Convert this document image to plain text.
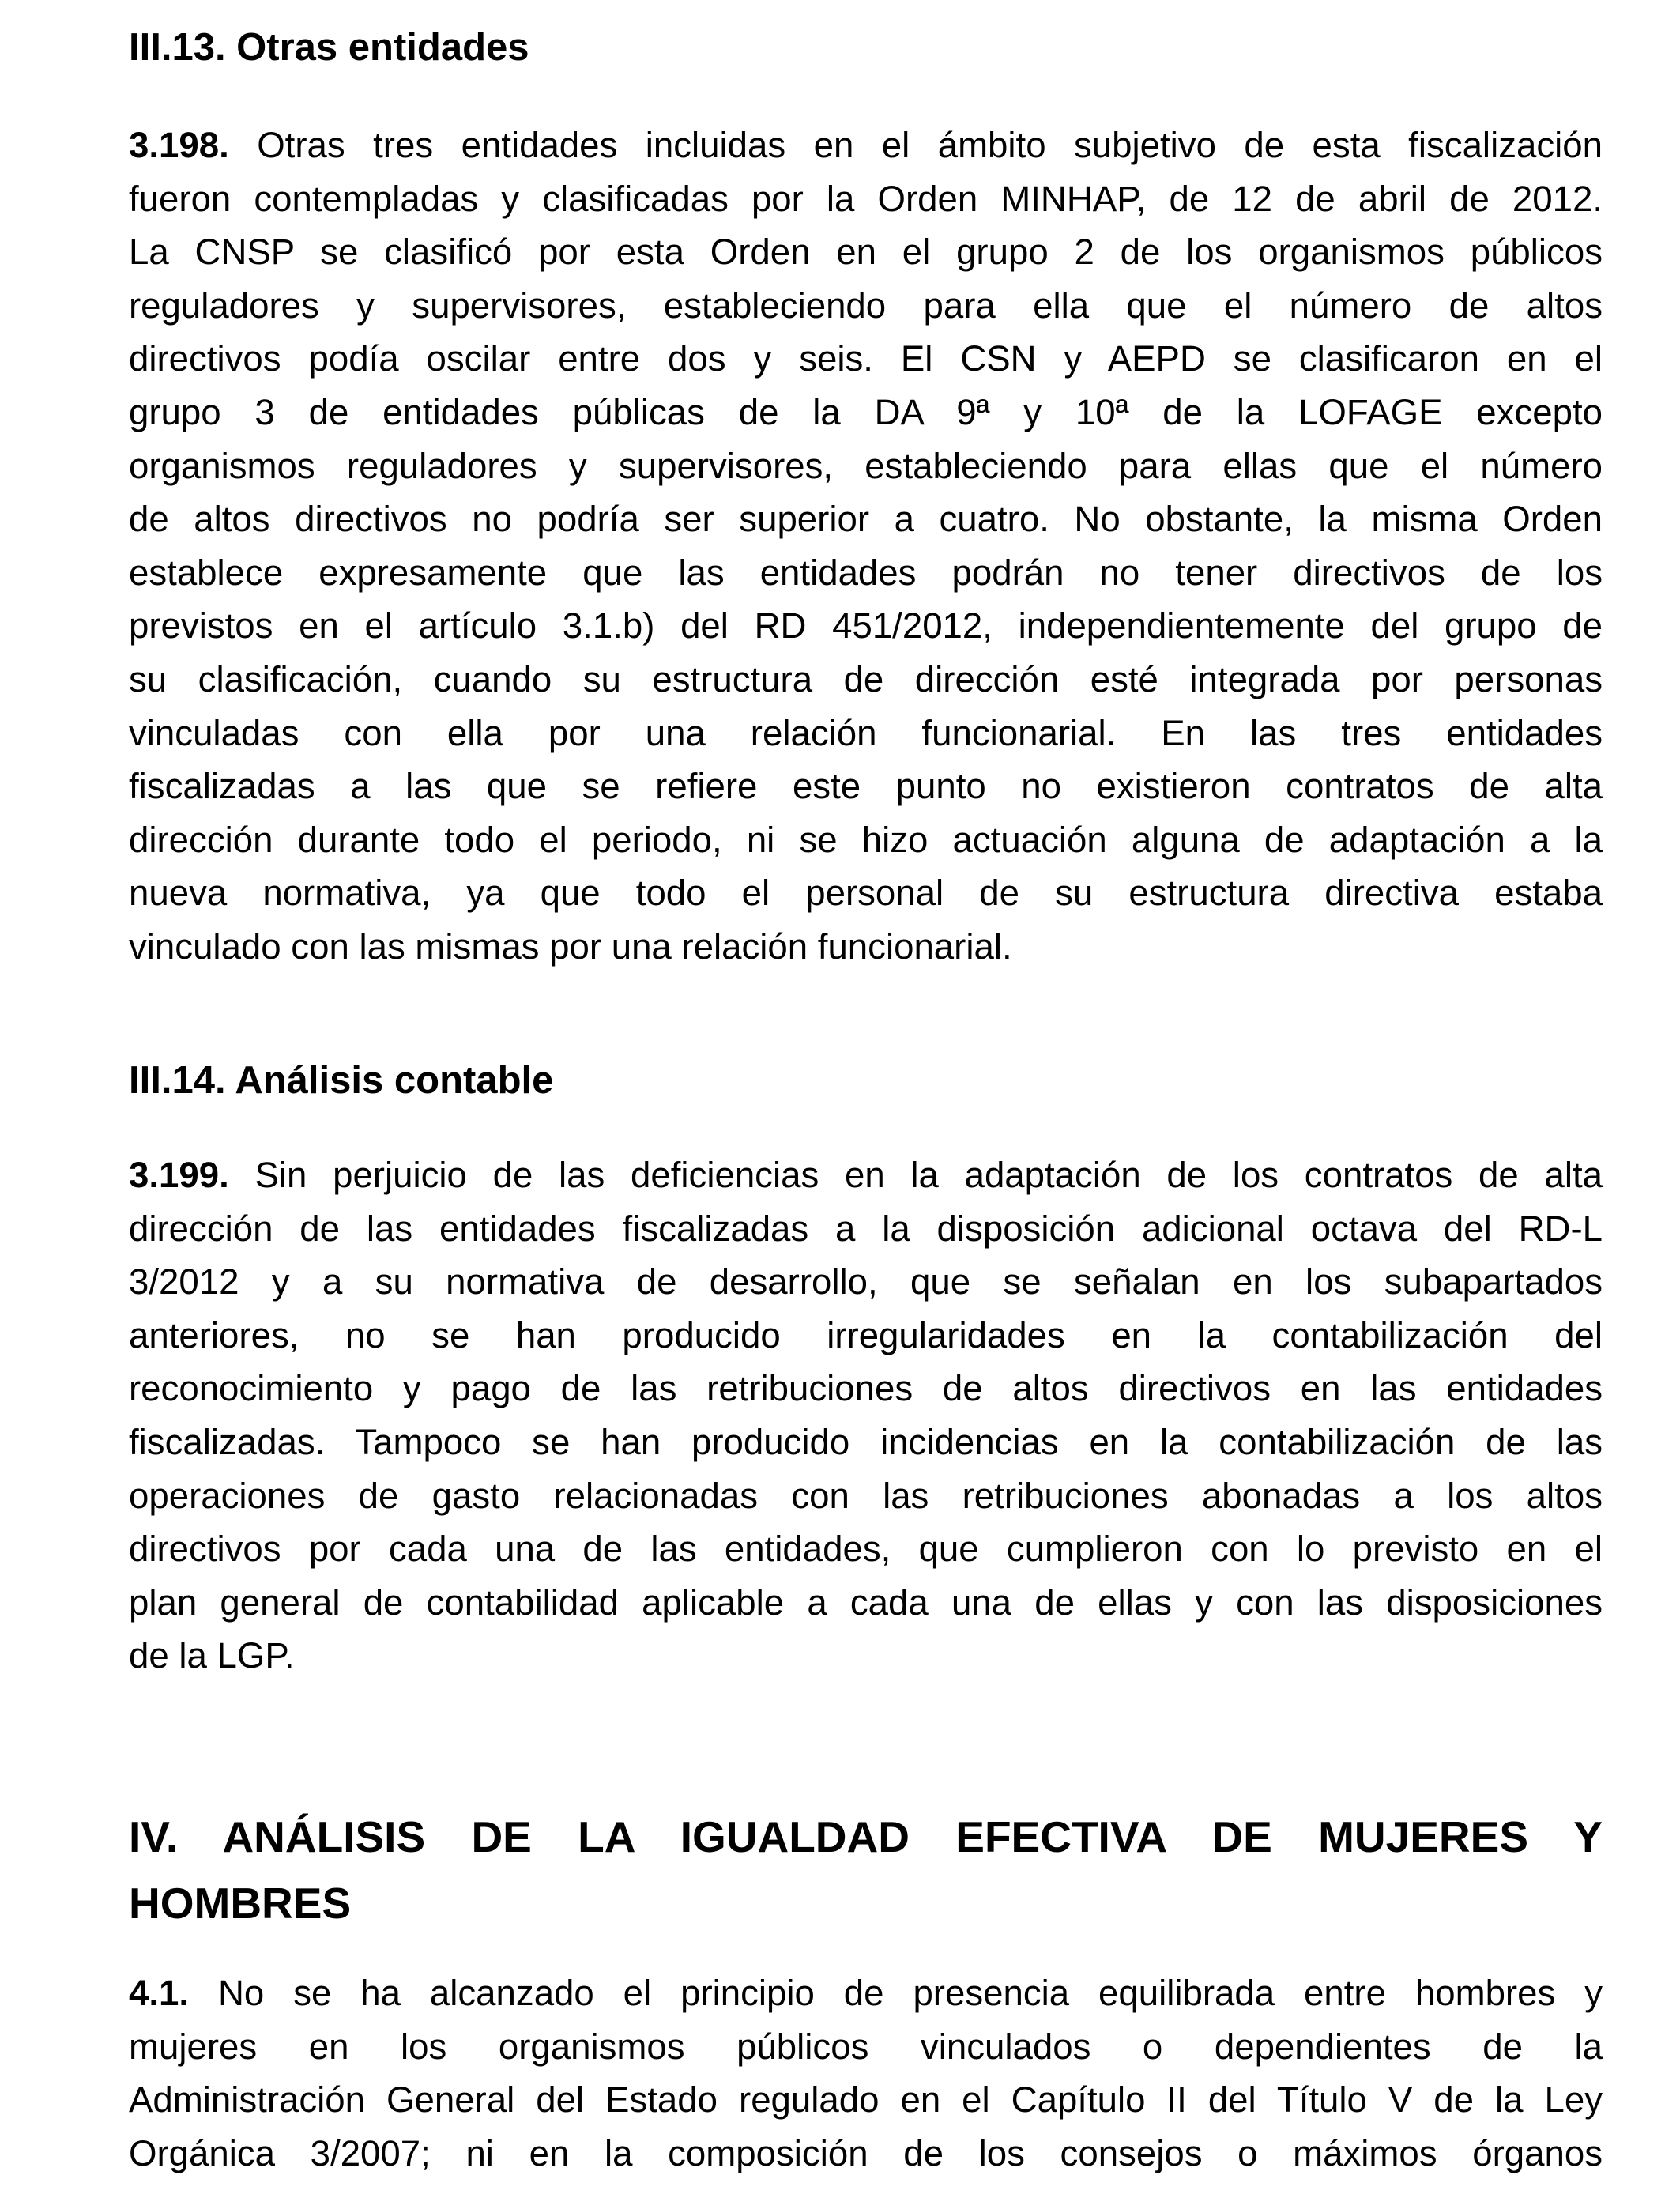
III.13. Otras entidades
3.198. Otras tres entidades incluidas en el ámbito subjetivo de esta fiscalización
fueron contempladas y clasificadas por la Orden MINHAP, de 12 de abril de 2012.
La CNSP se clasificó por esta Orden en el grupo 2 de los organismos públicos
reguladores y supervisores, estableciendo para ella que el número de altos
directivos podía oscilar entre dos y seis. El CSN y AEPD se clasificaron en el
grupo 3 de entidades públicas de la DA 9ª y 10ª de la LOFAGE excepto
organismos reguladores y supervisores, estableciendo para ellas que el número
de altos directivos no podría ser superior a cuatro. No obstante, la misma Orden
establece expresamente que las entidades podrán no tener directivos de los
previstos en el artículo 3.1.b) del RD 451/2012, independientemente del grupo de
su clasificación, cuando su estructura de dirección esté integrada por personas
vinculadas con ella por una relación funcionarial. En las tres entidades
fiscalizadas a las que se refiere este punto no existieron contratos de alta
dirección durante todo el periodo, ni se hizo actuación alguna de adaptación a la
nueva normativa, ya que todo el personal de su estructura directiva estaba
vinculado con las mismas por una relación funcionarial.
III.14. Análisis contable
3.199. Sin perjuicio de las deficiencias en la adaptación de los contratos de alta
dirección de las entidades fiscalizadas a la disposición adicional octava del RD-L
3/2012 y a su normativa de desarrollo, que se señalan en los subapartados
anteriores, no se han producido irregularidades en la contabilización del
reconocimiento y pago de las retribuciones de altos directivos en las entidades
fiscalizadas. Tampoco se han producido incidencias en la contabilización de las
operaciones de gasto relacionadas con las retribuciones abonadas a los altos
directivos por cada una de las entidades, que cumplieron con lo previsto en el
plan general de contabilidad aplicable a cada una de ellas y con las disposiciones
de la LGP.
IV. ANÁLISIS DE LA IGUALDAD EFECTIVA DE MUJERES Y
HOMBRES
4.1. No se ha alcanzado el principio de presencia equilibrada entre hombres y
mujeres en los organismos públicos vinculados o dependientes de la
Administración General del Estado regulado en el Capítulo II del Título V de la Ley
Orgánica 3/2007; ni en la composición de los consejos o máximos órganos
